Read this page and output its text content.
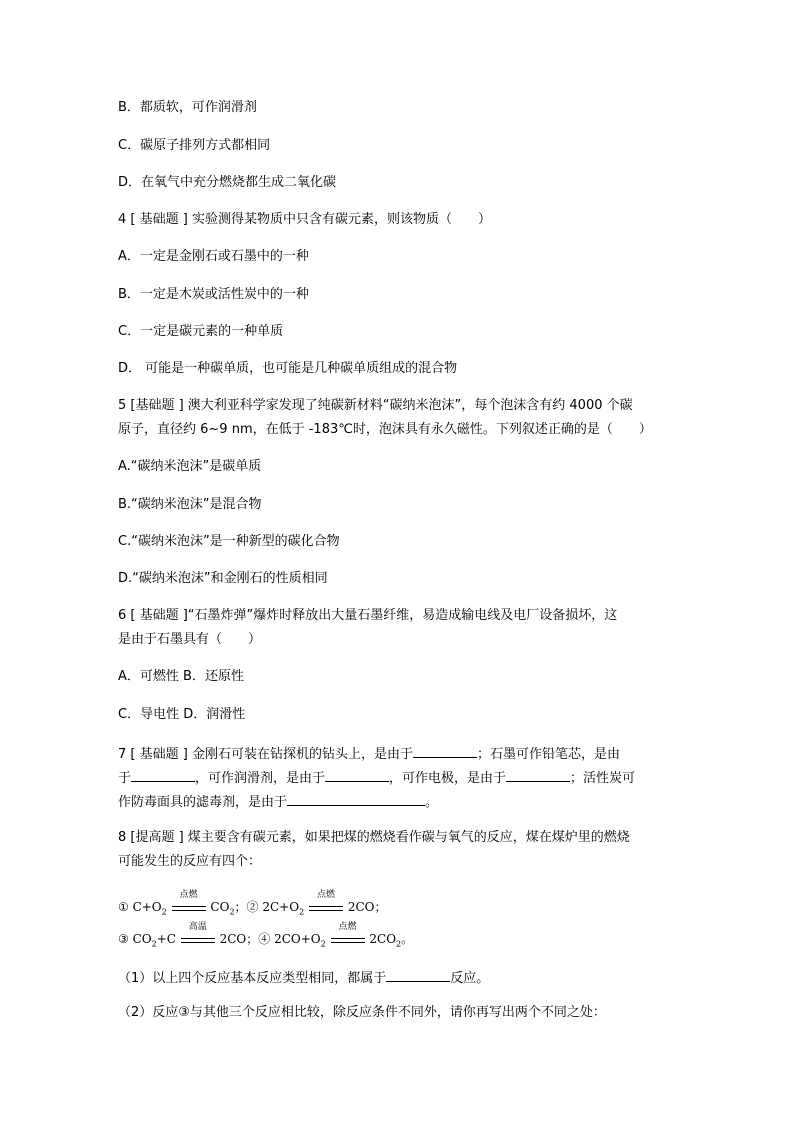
B．都质软，可作润滑剂
C．碳原子排列方式都相同
D．在氧气中充分燃烧都生成二氧化碳
4 [ 基础题 ] 实验测得某物质中只含有碳元素，则该物质（　　）
A．一定是金刚石或石墨中的一种
B．一定是木炭或活性炭中的一种
C．一定是碳元素的一种单质
D． 可能是一种碳单质，也可能是几种碳单质组成的混合物
5 [基础题 ] 澳大利亚科学家发现了纯碳新材料“碳纳米泡沫”，每个泡沫含有约 4000 个碳
原子，直径约 6~9 nm，在低于 -183℃时，泡沫具有永久磁性。下列叙述正确的是（　　）
A.“碳纳米泡沫”是碳单质
B.“碳纳米泡沫”是混合物
C.“碳纳米泡沫”是一种新型的碳化合物
D.“碳纳米泡沫”和金刚石的性质相同
6 [ 基础题 ]“石墨炸弹”爆炸时释放出大量石墨纤维，易造成输电线及电厂设备损坏，这
是由于石墨具有（　　）
A．可燃性 B．还原性
C．导电性 D．润滑性
7 [ 基础题 ] 金刚石可装在钻探机的钻头上，是由于	；石墨可作铅笔芯，是由
于	，可作润滑剂，是由于	，可作电极，是由于	；活性炭可
作防毒面具的滤毒剂，是由于	。
8 [提高题 ] 煤主要含有碳元素，如果把煤的燃烧看作碳与氧气的反应，煤在煤炉里的燃烧
可能发生的反应有四个：
① $C+O_2$
点燃
$CO_2$；② $2C+O_2$
点燃
2CO；
③ $CO_2+C$
高温
2CO；④ $2CO+O_2$
点燃
$2CO_2$。
（1）以上四个反应基本反应类型相同，都属于	反应。
（2）反应③与其他三个反应相比较，除反应条件不同外，请你再写出两个不同之处：
